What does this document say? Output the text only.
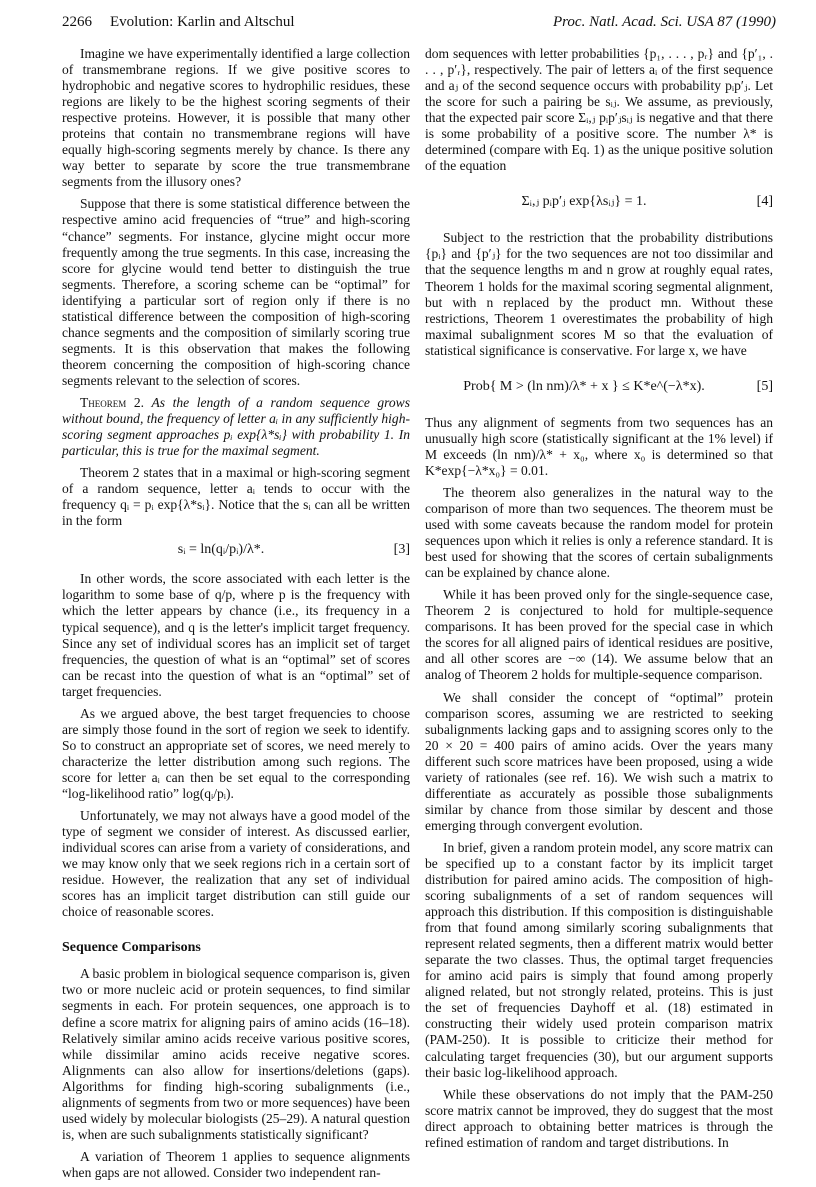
2266 Evolution: Karlin and Altschul	Proc. Natl. Acad. Sci. USA 87 (1990)

Imagine we have experimentally identified a large collection of transmembrane regions. If we give positive scores to hydrophobic and negative scores to hydrophilic residues, these regions are likely to be the highest scoring segments of their respective proteins. However, it is possible that many other proteins that contain no transmembrane regions will have equally high-scoring segments merely by chance. Is there any way better to separate by score the true transmembrane segments from the illusory ones?

Suppose that there is some statistical difference between the respective amino acid frequencies of “true” and high-scoring “chance” segments. For instance, glycine might occur more frequently among the true segments. In this case, increasing the score for glycine would tend better to distinguish the true segments. Therefore, a scoring scheme can be “optimal” for identifying a particular sort of region only if there is no statistical difference between the composition of high-scoring chance segments and the composition of similarly scoring true segments. It is this observation that makes the following theorem concerning the composition of high-scoring chance segments relevant to the selection of scores.

Theorem 2. As the length of a random sequence grows without bound, the frequency of letter aᵢ in any sufficiently high-scoring segment approaches pᵢ exp{λ*sᵢ} with probability 1. In particular, this is true for the maximal segment.

Theorem 2 states that in a maximal or high-scoring segment of a random sequence, letter aᵢ tends to occur with the frequency qᵢ = pᵢ exp{λ*sᵢ}. Notice that the sᵢ can all be written in the form

sᵢ = ln(qᵢ/pᵢ)/λ*.	[3]

In other words, the score associated with each letter is the logarithm to some base of q/p, where p is the frequency with which the letter appears by chance (i.e., its frequency in a typical sequence), and q is the letter's implicit target frequency. Since any set of individual scores has an implicit set of target frequencies, the question of what is an “optimal” set of scores can be recast into the question of what is an “optimal” set of target frequencies.

As we argued above, the best target frequencies to choose are simply those found in the sort of region we seek to identify. So to construct an appropriate set of scores, we need merely to characterize the letter distribution among such regions. The score for letter aᵢ can then be set equal to the corresponding “log-likelihood ratio” log(qᵢ/pᵢ).

Unfortunately, we may not always have a good model of the type of segment we consider of interest. As discussed earlier, individual scores can arise from a variety of considerations, and we may know only that we seek regions rich in a certain sort of residue. However, the realization that any set of individual scores has an implicit target distribution can still guide our choice of reasonable scores.

Sequence Comparisons

A basic problem in biological sequence comparison is, given two or more nucleic acid or protein sequences, to find similar segments in each. For protein sequences, one approach is to define a score matrix for aligning pairs of amino acids (16–18). Relatively similar amino acids receive various positive scores, while dissimilar amino acids receive negative scores. Alignments can also allow for insertions/deletions (gaps). Algorithms for finding high-scoring subalignments (i.e., alignments of segments from two or more sequences) have been used widely by molecular biologists (25–29). A natural question is, when are such subalignments statistically significant?

A variation of Theorem 1 applies to sequence alignments when gaps are not allowed. Consider two independent ran-

dom sequences with letter probabilities {p₁, . . . , pᵣ} and {p′₁, . . . , p′ᵣ}, respectively. The pair of letters aᵢ of the first sequence and aⱼ of the second sequence occurs with probability pᵢp′ⱼ. Let the score for such a pairing be sᵢⱼ. We assume, as previously, that the expected pair score Σᵢ,ⱼ pᵢp′ⱼsᵢⱼ is negative and that there is some probability of a positive score. The number λ* is determined (compare with Eq. 1) as the unique positive solution of the equation

Σᵢ,ⱼ pᵢp′ⱼ exp{λsᵢⱼ} = 1.	[4]

Subject to the restriction that the probability distributions {pᵢ} and {p′ⱼ} for the two sequences are not too dissimilar and that the sequence lengths m and n grow at roughly equal rates, Theorem 1 holds for the maximal scoring segmental alignment, but with n replaced by the product mn. Without these restrictions, Theorem 1 overestimates the probability of high maximal subalignment scores M so that the evaluation of statistical significance is conservative. For large x, we have

Prob{ M > (ln nm)/λ* + x } ≤ K*e^(−λ*x).	[5]

Thus any alignment of segments from two sequences has an unusually high score (statistically significant at the 1% level) if M exceeds (ln nm)/λ* + x₀, where x₀ is determined so that K*exp{−λ*x₀} = 0.01.

The theorem also generalizes in the natural way to the comparison of more than two sequences. The theorem must be used with some caveats because the random model for protein sequences upon which it relies is only a reference standard. It is best used for showing that the scores of certain subalignments can be explained by chance alone.

While it has been proved only for the single-sequence case, Theorem 2 is conjectured to hold for multiple-sequence comparisons. It has been proved for the special case in which the scores for all aligned pairs of identical residues are positive, and all other scores are −∞ (14). We assume below that an analog of Theorem 2 holds for multiple-sequence comparison.

We shall consider the concept of “optimal” protein comparison scores, assuming we are restricted to seeking subalignments lacking gaps and to assigning scores only to the 20 × 20 = 400 pairs of amino acids. Over the years many different such score matrices have been proposed, using a wide variety of rationales (see ref. 16). We wish such a matrix to differentiate as accurately as possible those subalignments similar by chance from those similar by descent and those emerging through convergent evolution.

In brief, given a random protein model, any score matrix can be specified up to a constant factor by its implicit target distribution for paired amino acids. The composition of high-scoring subalignments of a set of random sequences will approach this distribution. If this composition is distinguishable from that found among similarly scoring subalignments that represent related segments, then a different matrix would better separate the two classes. Thus, the optimal target frequencies for amino acid pairs is simply that found among properly aligned related, but not strongly related, proteins. This is just the set of frequencies Dayhoff et al. (18) estimated in constructing their widely used protein comparison matrix (PAM-250). It is possible to criticize their method for calculating target frequencies (30), but our argument supports their basic log-likelihood approach.

While these observations do not imply that the PAM-250 score matrix cannot be improved, they do suggest that the most direct approach to obtaining better matrices is through the refined estimation of random and target distributions. In
